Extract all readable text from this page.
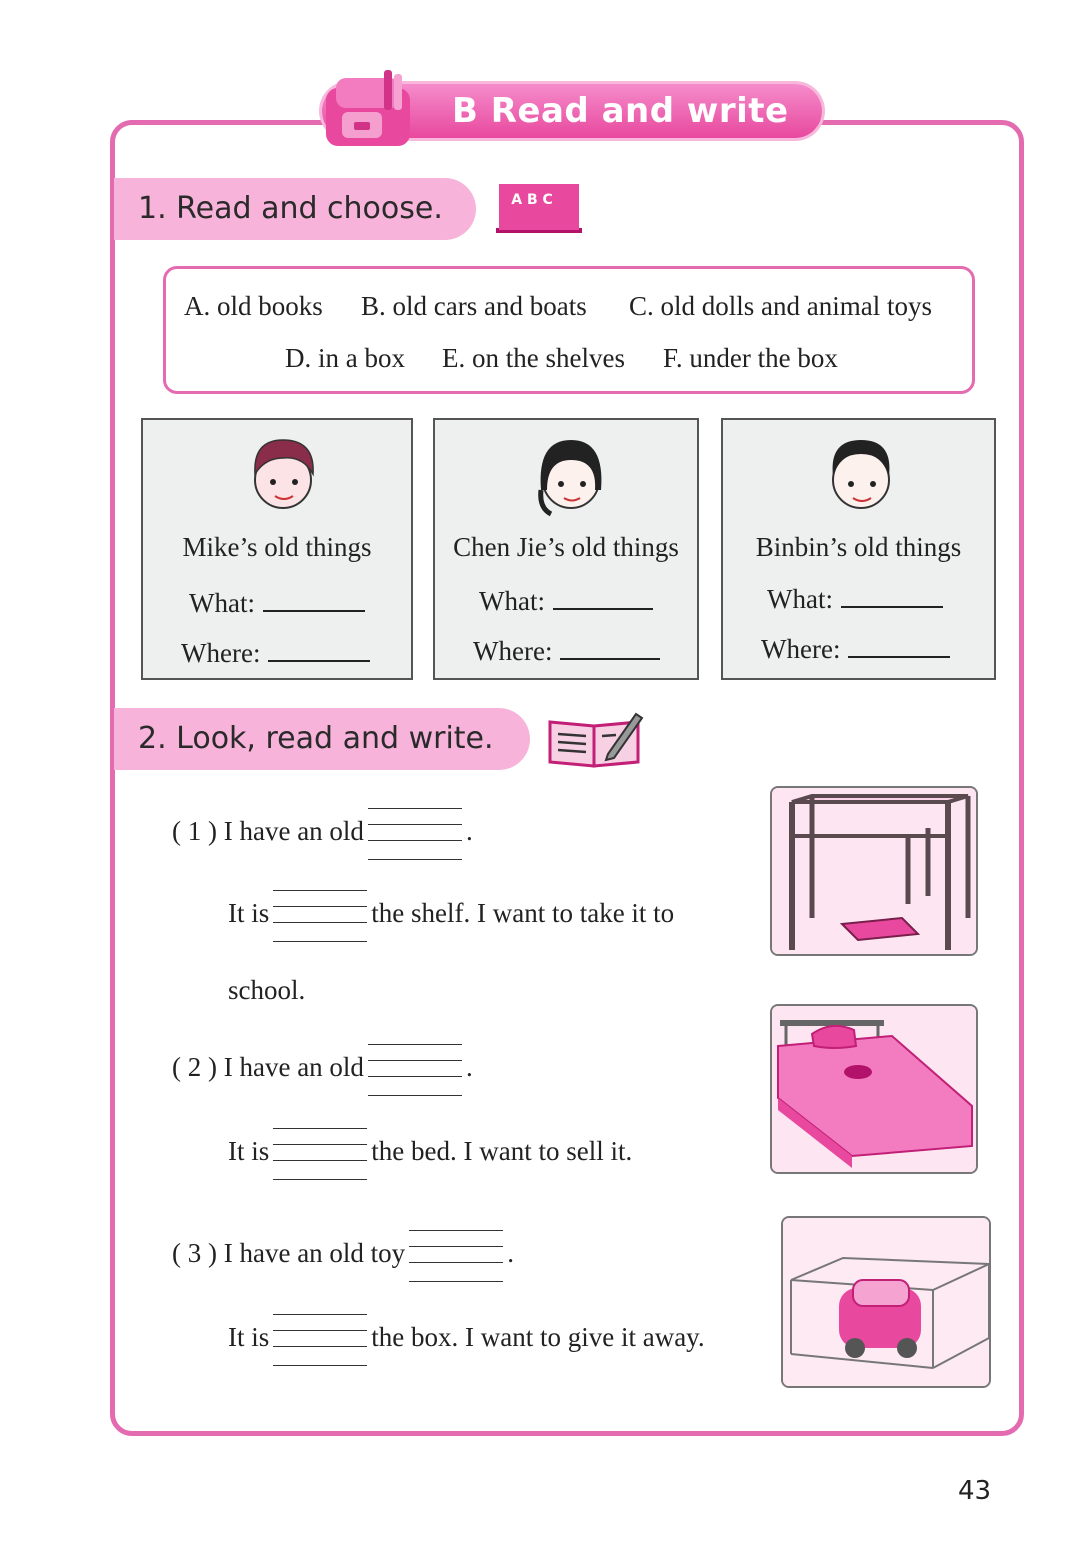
B Read and write
1. Read and choose.	A B C
A. old books B. old cars and boats C. old dolls and animal toys
D. in a box E. on the shelves F. under the box
Mike’s old things
What:
Where:
Chen Jie’s old things
What:
Where:
Binbin’s old things
What:
Where:
2. Look, read and write.
( 1 ) I have an old	.
It is	the shelf. I want to take it to
school.
( 2 ) I have an old	.
It is	the bed. I want to sell it.
( 3 ) I have an old toy	.
It is	the box. I want to give it away.
43
